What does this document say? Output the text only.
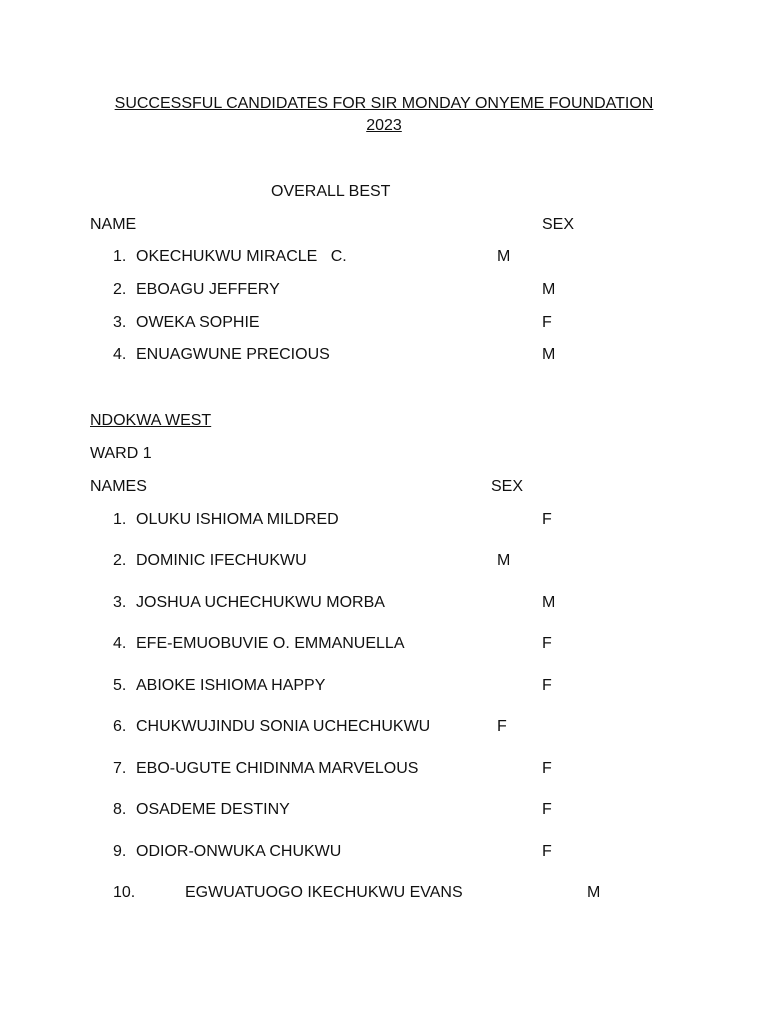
SUCCESSFUL CANDIDATES FOR SIR MONDAY ONYEME FOUNDATION
2023
OVERALL BEST
NAME	SEX
1. OKECHUKWU MIRACLE   C.	M
2. EBOAGU JEFFERY	M
3. OWEKA SOPHIE	F
4. ENUAGWUNE PRECIOUS	M
NDOKWA WEST
WARD 1
NAMES	SEX
1. OLUKU ISHIOMA MILDRED	F
2. DOMINIC IFECHUKWU	M
3. JOSHUA UCHECHUKWU MORBA	M
4. EFE-EMUOBUVIE O. EMMANUELLA	F
5. ABIOKE ISHIOMA HAPPY	F
6. CHUKWUJINDU SONIA UCHECHUKWU	F
7. EBO-UGUTE CHIDINMA MARVELOUS	F
8. OSADEME DESTINY	F
9. ODIOR-ONWUKA CHUKWU	F
10.	EGWUATUOGO IKECHUKWU EVANS	M
